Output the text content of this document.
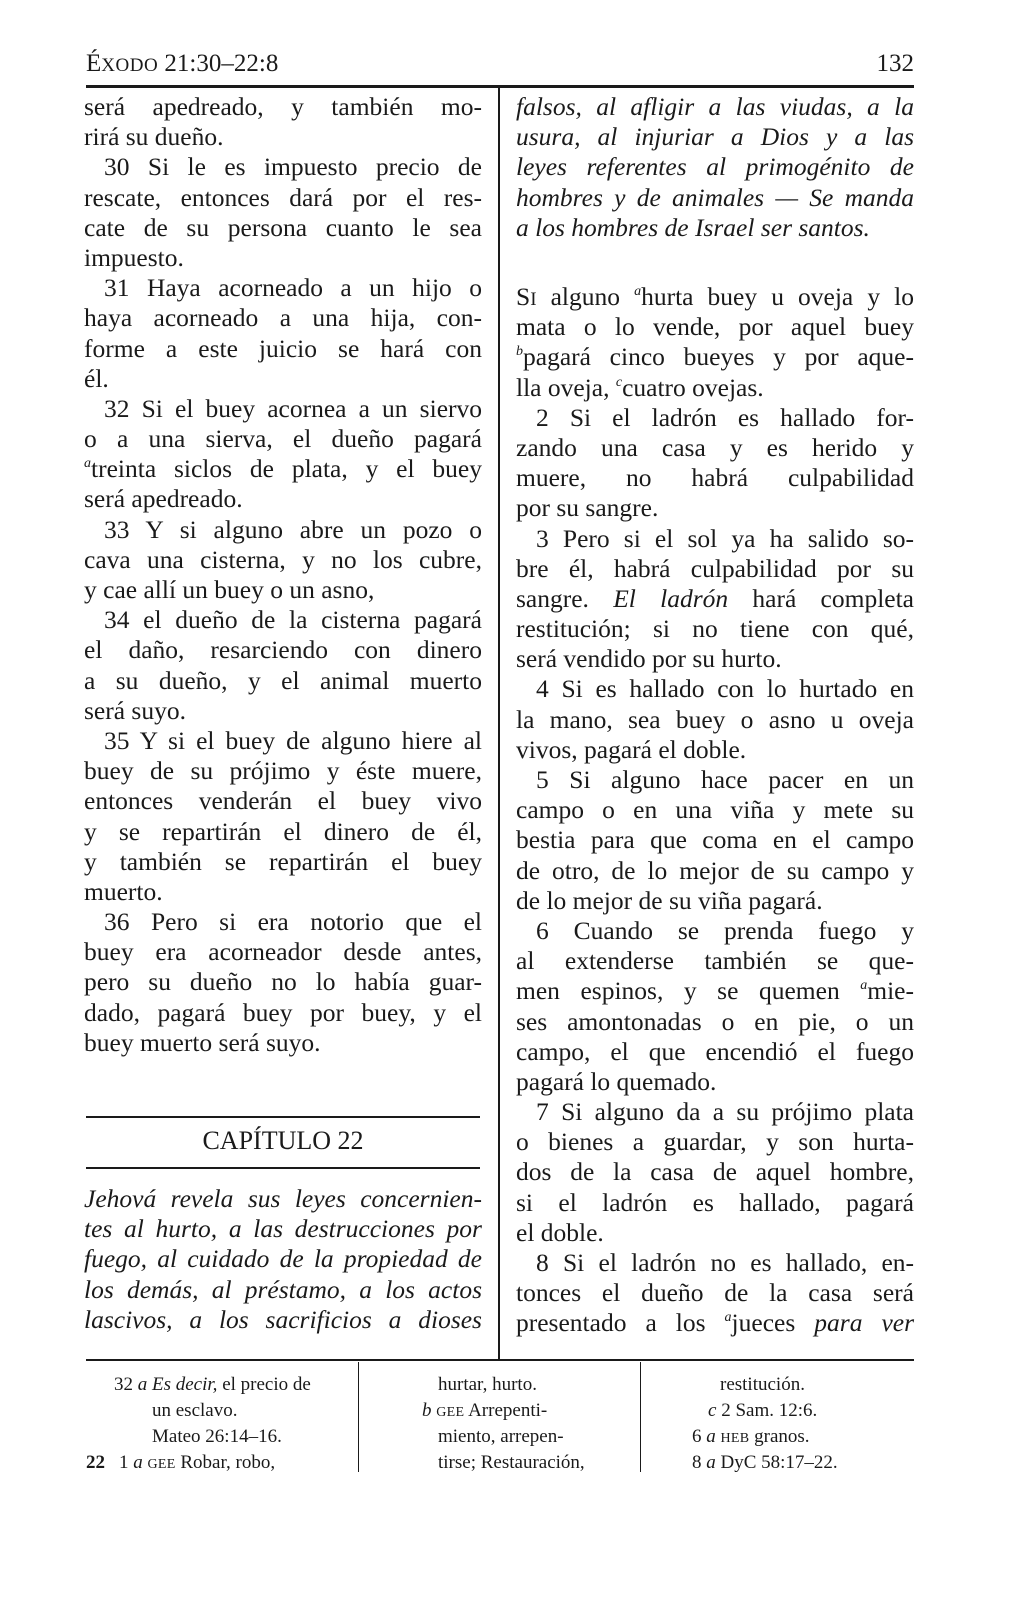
ÉXODO 21:30–22:8	132
será apedreado, y también mo-
rirá su dueño.
30 Si le es impuesto precio de
rescate, entonces dará por el res-
cate de su persona cuanto le sea
impuesto.
31 Haya acorneado a un hijo o
haya acorneado a una hija, con-
forme a este juicio se hará con
él.
32 Si el buey acornea a un siervo
o a una sierva, el dueño pagará
$^a$treinta siclos de plata, y el buey
será apedreado.
33 Y si alguno abre un pozo o
cava una cisterna, y no los cubre,
y cae allí un buey o un asno,
34 el dueño de la cisterna pagará
el daño, resarciendo con dinero
a su dueño, y el animal muerto
será suyo.
35 Y si el buey de alguno hiere al
buey de su prójimo y éste muere,
entonces venderán el buey vivo
y se repartirán el dinero de él,
y también se repartirán el buey
muerto.
36 Pero si era notorio que el
buey era acorneador desde antes,
pero su dueño no lo había guar-
dado, pagará buey por buey, y el
buey muerto será suyo.
CAPÍTULO 22
Jehová revela sus leyes concernien-
tes al hurto, a las destrucciones por
fuego, al cuidado de la propiedad de
los demás, al préstamo, a los actos
lascivos, a los sacrificios a dioses
falsos, al afligir a las viudas, a la
usura, al injuriar a Dios y a las
leyes referentes al primogénito de
hombres y de animales — Se manda
a los hombres de Israel ser santos.
SI alguno $^a$hurta buey u oveja y lo
mata o lo vende, por aquel buey
$^b$pagará cinco bueyes y por aque-
lla oveja, $^c$cuatro ovejas.
2 Si el ladrón es hallado for-
zando una casa y es herido y
muere, no habrá culpabilidad
por su sangre.
3 Pero si el sol ya ha salido so-
bre él, habrá culpabilidad por su
sangre. El ladrón hará completa
restitución; si no tiene con qué,
será vendido por su hurto.
4 Si es hallado con lo hurtado en
la mano, sea buey o asno u oveja
vivos, pagará el doble.
5 Si alguno hace pacer en un
campo o en una viña y mete su
bestia para que coma en el campo
de otro, de lo mejor de su campo y
de lo mejor de su viña pagará.
6 Cuando se prenda fuego y
al extenderse también se que-
men espinos, y se quemen $^a$mie-
ses amontonadas o en pie, o un
campo, el que encendió el fuego
pagará lo quemado.
7 Si alguno da a su prójimo plata
o bienes a guardar, y son hurta-
dos de la casa de aquel hombre,
si el ladrón es hallado, pagará
el doble.
8 Si el ladrón no es hallado, en-
tonces el dueño de la casa será
presentado a los $^a$jueces para ver
32 a Es decir, el precio de
un esclavo.
Mateo 26:14–16.
22 1 a GEE Robar, robo,
hurtar, hurto.
b GEE Arrepenti-
miento, arrepen-
tirse; Restauración,
restitución.
c 2 Sam. 12:6.
6 a HEB granos.
8 a DyC 58:17–22.
